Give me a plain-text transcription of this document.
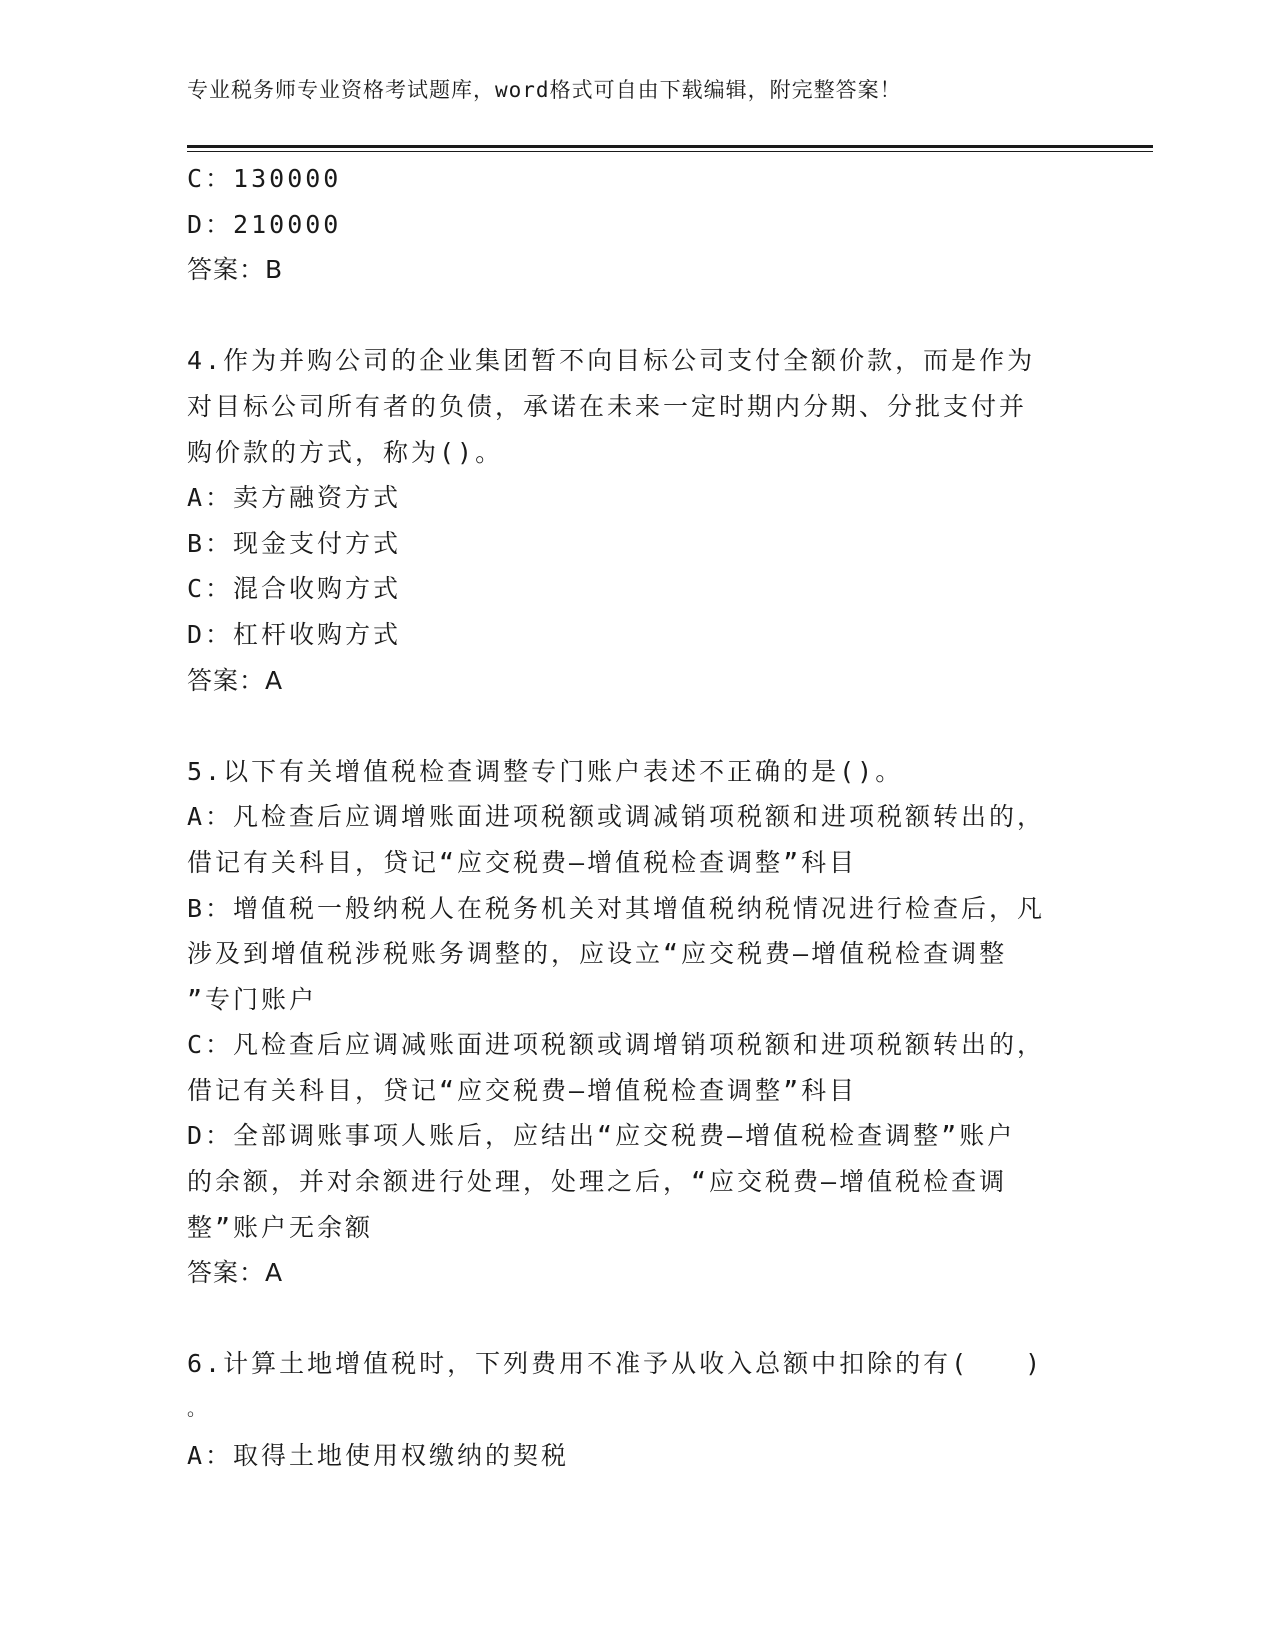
专业税务师专业资格考试题库，word格式可自由下载编辑，附完整答案！
C：130000
D：210000
答案：B
4.作为并购公司的企业集团暂不向目标公司支付全额价款，而是作为
对目标公司所有者的负债，承诺在未来一定时期内分期、分批支付并
购价款的方式，称为()。
A：卖方融资方式
B：现金支付方式
C：混合收购方式
D：杠杆收购方式
答案：A
5.以下有关增值税检查调整专门账户表述不正确的是()。
A：凡检查后应调增账面进项税额或调减销项税额和进项税额转出的，
借记有关科目，贷记“应交税费—增值税检查调整”科目
B：增值税一般纳税人在税务机关对其增值税纳税情况进行检查后，凡
涉及到增值税涉税账务调整的，应设立“应交税费—增值税检查调整
”专门账户
C：凡检查后应调减账面进项税额或调增销项税额和进项税额转出的，
借记有关科目，贷记“应交税费—增值税检查调整”科目
D：全部调账事项人账后，应结出“应交税费—增值税检查调整”账户
的余额，并对余额进行处理，处理之后，“应交税费—增值税检查调
整”账户无余额
答案：A
6.计算土地增值税时，下列费用不准予从收入总额中扣除的有(　　)
。
A：取得土地使用权缴纳的契税
